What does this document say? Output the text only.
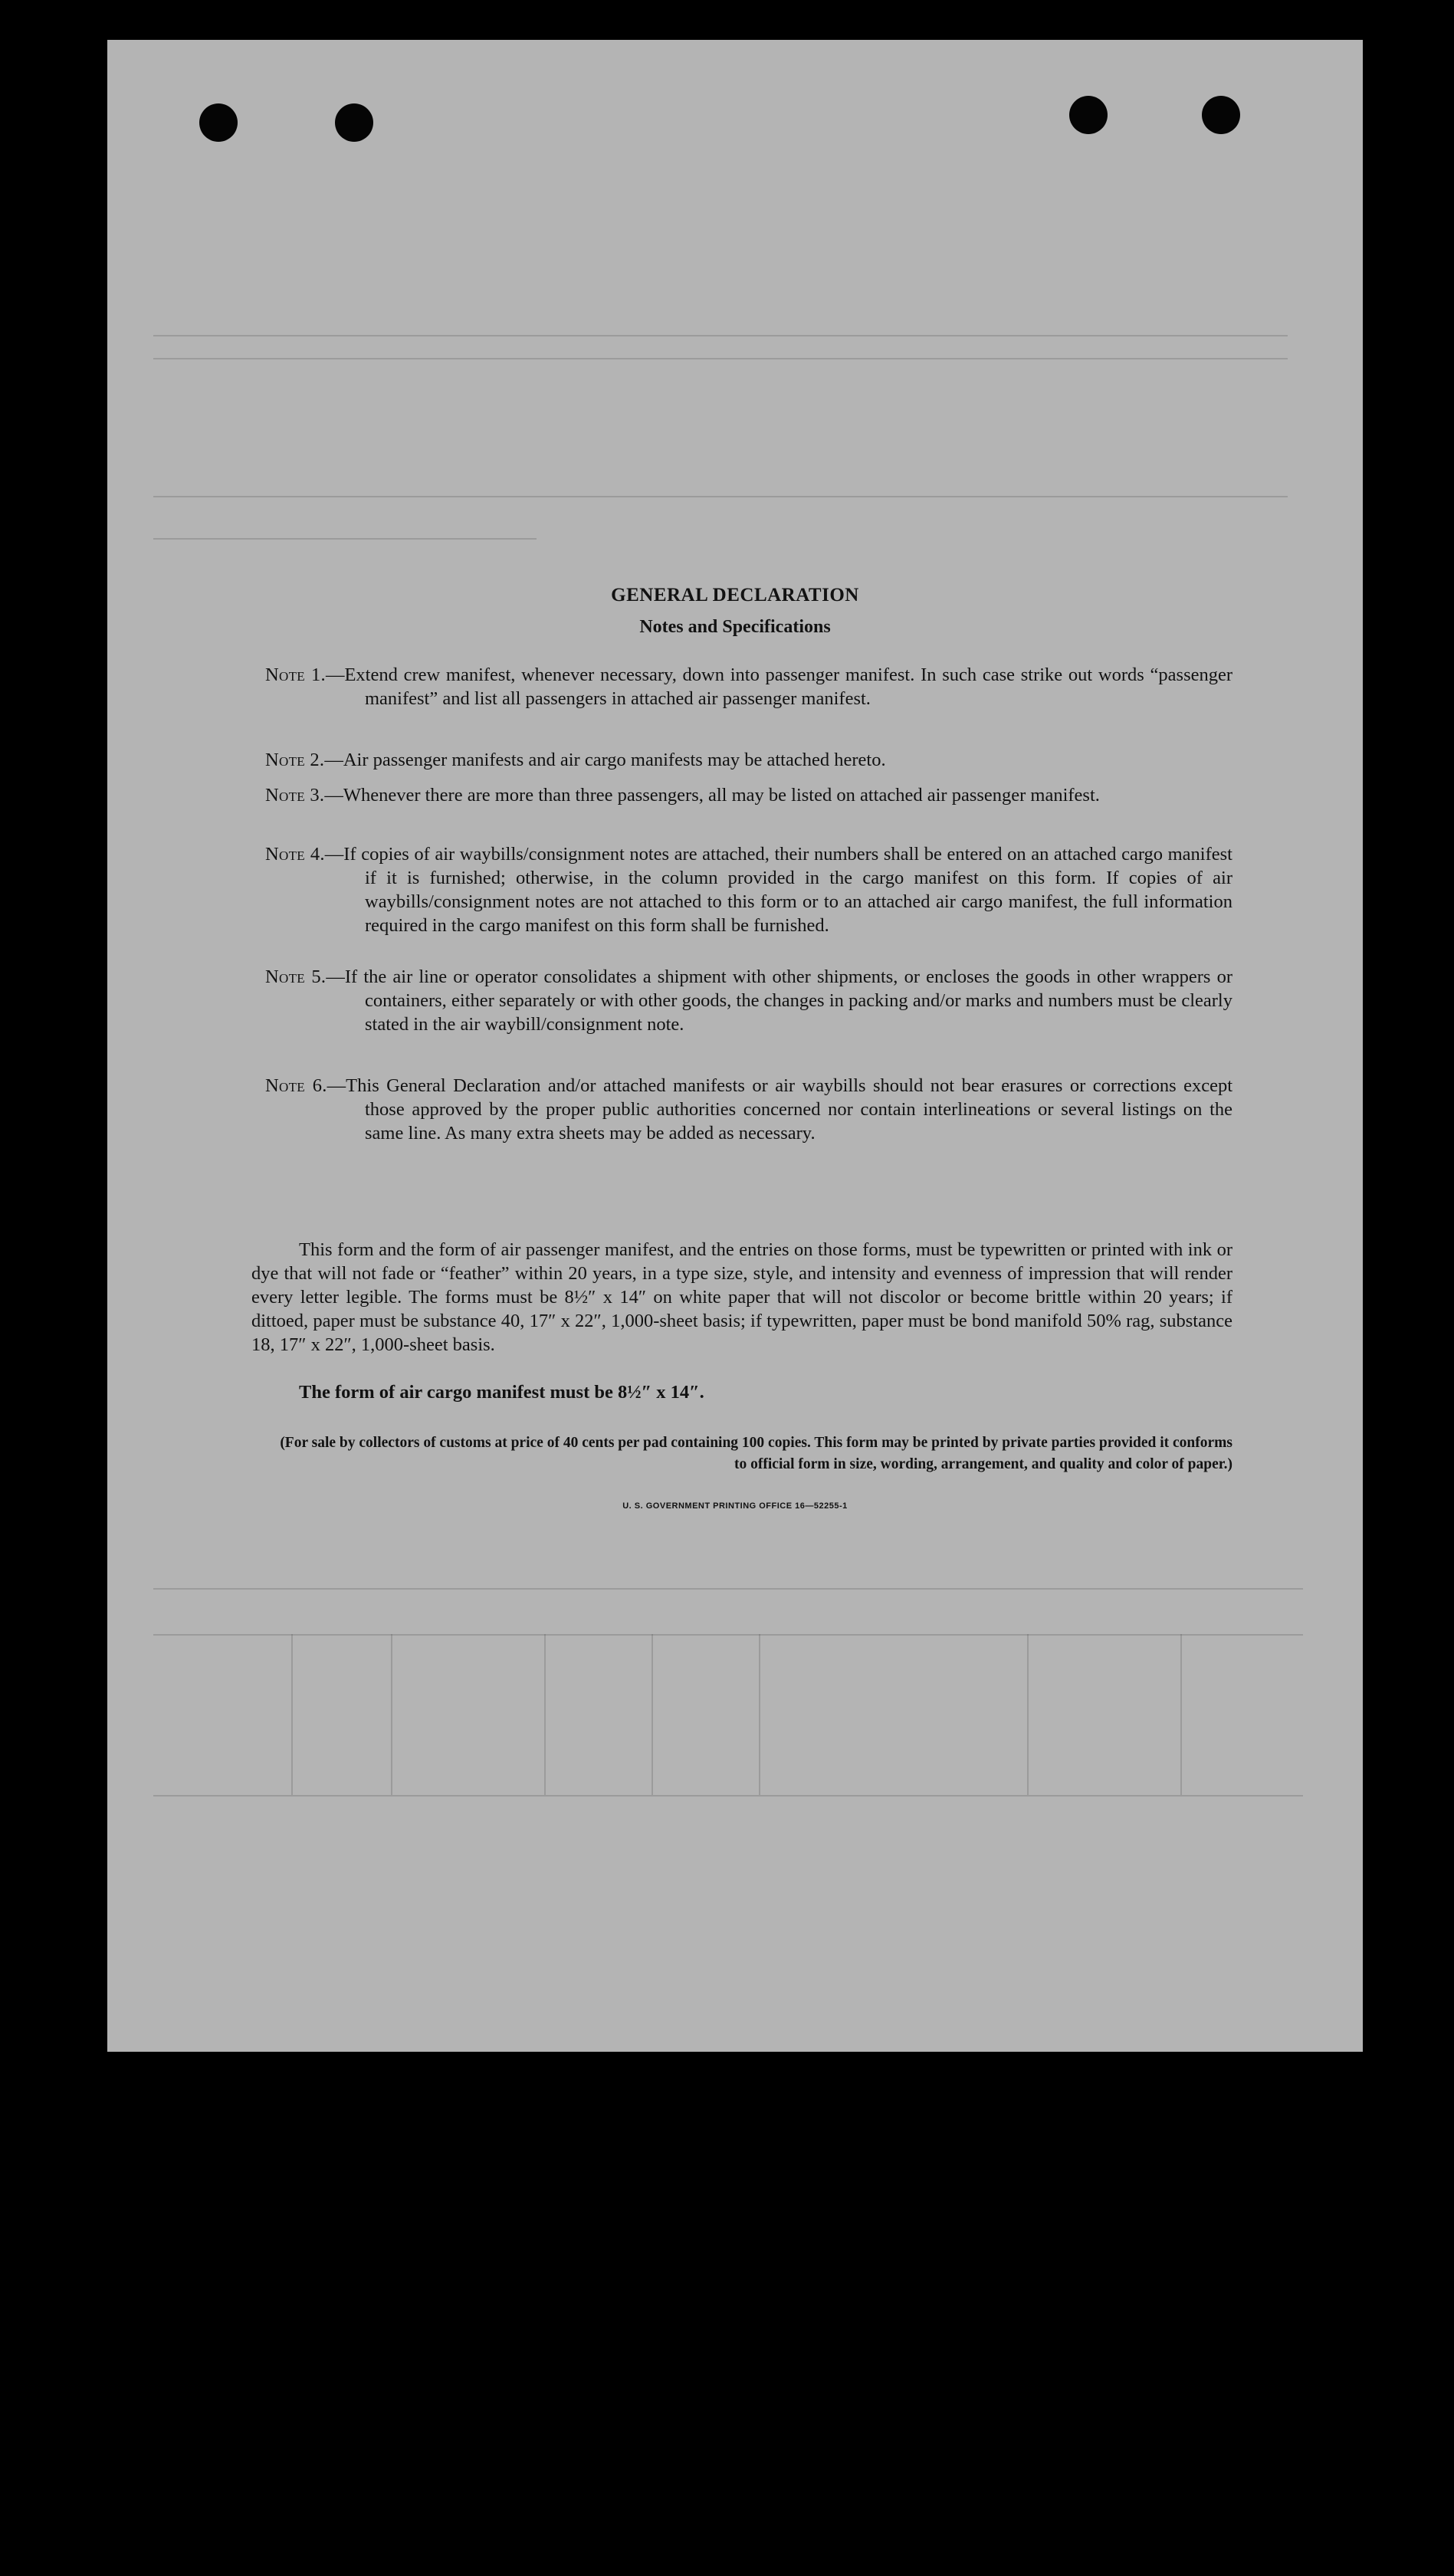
GENERAL DECLARATION
Notes and Specifications
Note 1.—Extend crew manifest, whenever necessary, down into passenger manifest. In such case strike out words “passenger manifest” and list all passengers in attached air passenger manifest.
Note 2.—Air passenger manifests and air cargo manifests may be attached hereto.
Note 3.—Whenever there are more than three passengers, all may be listed on attached air passenger manifest.
Note 4.—If copies of air waybills/consignment notes are attached, their numbers shall be entered on an attached cargo manifest if it is furnished; otherwise, in the column provided in the cargo manifest on this form. If copies of air waybills/consignment notes are not attached to this form or to an attached air cargo manifest, the full information required in the cargo manifest on this form shall be furnished.
Note 5.—If the air line or operator consolidates a shipment with other shipments, or encloses the goods in other wrappers or containers, either separately or with other goods, the changes in packing and/or marks and numbers must be clearly stated in the air waybill/consignment note.
Note 6.—This General Declaration and/or attached manifests or air waybills should not bear erasures or corrections except those approved by the proper public authorities concerned nor contain interlineations or several listings on the same line. As many extra sheets may be added as necessary.
This form and the form of air passenger manifest, and the entries on those forms, must be typewritten or printed with ink or dye that will not fade or “feather” within 20 years, in a type size, style, and intensity and evenness of impression that will render every letter legible. The forms must be 8½″ x 14″ on white paper that will not discolor or become brittle within 20 years; if dittoed, paper must be substance 40, 17″ x 22″, 1,000-sheet basis; if typewritten, paper must be bond manifold 50% rag, substance 18, 17″ x 22″, 1,000-sheet basis.
The form of air cargo manifest must be 8½″ x 14″.
(For sale by collectors of customs at price of 40 cents per pad containing 100 copies. This form may be printed by private parties provided it conforms to official form in size, wording, arrangement, and quality and color of paper.)
U. S. GOVERNMENT PRINTING OFFICE 16—52255-1
